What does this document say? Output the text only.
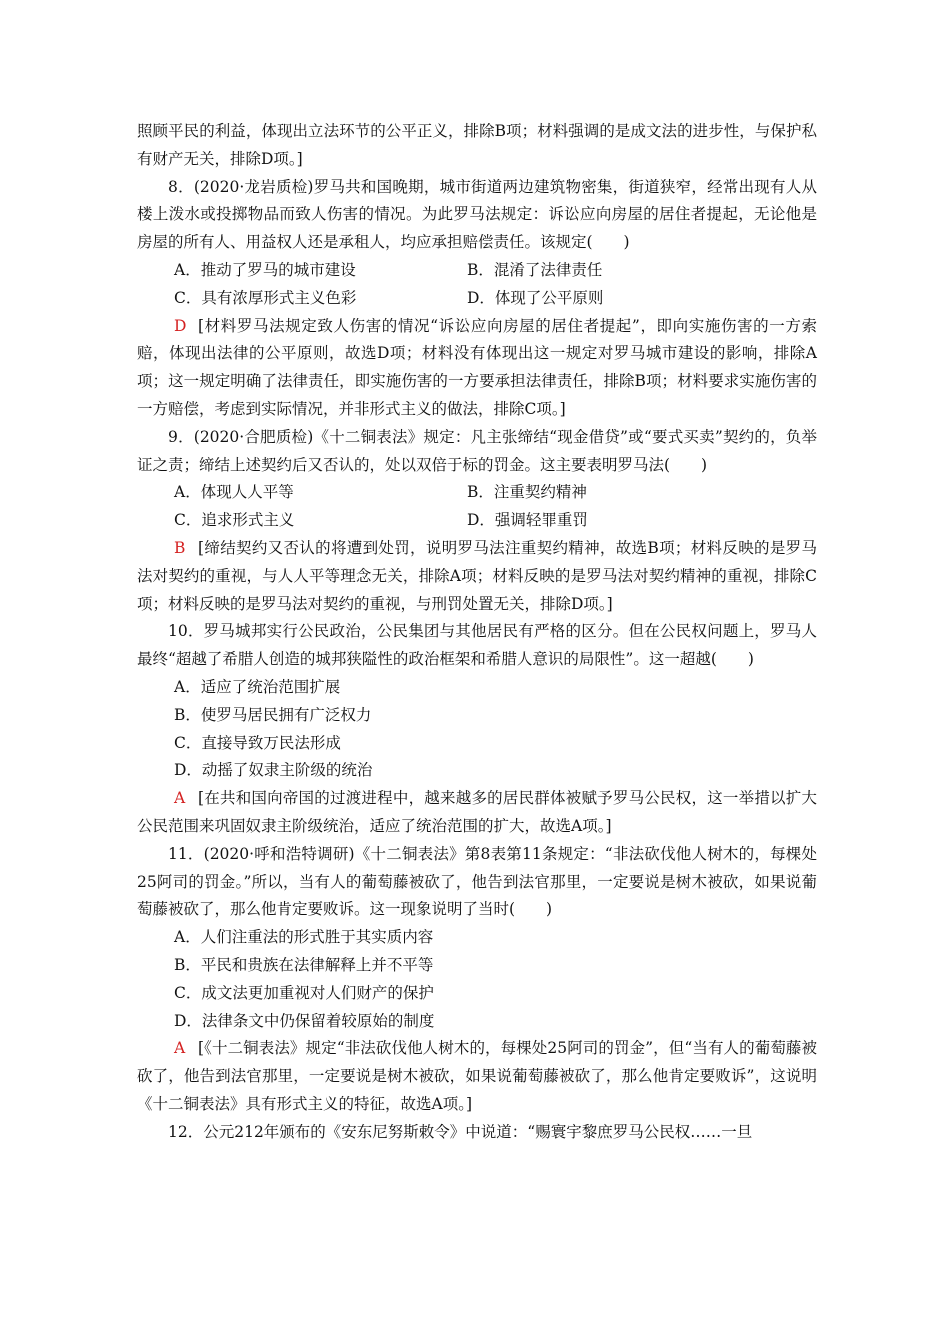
照顾平民的利益，体现出立法环节的公平正义，排除B项；材料强调的是成文法的进步性，与保护私有财产无关，排除D项。]
8．(2020·龙岩质检)罗马共和国晚期，城市街道两边建筑物密集，街道狭窄，经常出现有人从楼上泼水或投掷物品而致人伤害的情况。为此罗马法规定：诉讼应向房屋的居住者提起，无论他是房屋的所有人、用益权人还是承租人，均应承担赔偿责任。该规定(　　)
A．推动了罗马的城市建设	B．混淆了法律责任
C．具有浓厚形式主义色彩	D．体现了公平原则
D [材料罗马法规定致人伤害的情况“诉讼应向房屋的居住者提起”，即向实施伤害的一方索赔，体现出法律的公平原则，故选D项；材料没有体现出这一规定对罗马城市建设的影响，排除A项；这一规定明确了法律责任，即实施伤害的一方要承担法律责任，排除B项；材料要求实施伤害的一方赔偿，考虑到实际情况，并非形式主义的做法，排除C项。]
9．(2020·合肥质检)《十二铜表法》规定：凡主张缔结“现金借贷”或“要式买卖”契约的，负举证之责；缔结上述契约后又否认的，处以双倍于标的罚金。这主要表明罗马法(　　)
A．体现人人平等	B．注重契约精神
C．追求形式主义	D．强调轻罪重罚
B [缔结契约又否认的将遭到处罚，说明罗马法注重契约精神，故选B项；材料反映的是罗马法对契约的重视，与人人平等理念无关，排除A项；材料反映的是罗马法对契约精神的重视，排除C项；材料反映的是罗马法对契约的重视，与刑罚处置无关，排除D项。]
10．罗马城邦实行公民政治，公民集团与其他居民有严格的区分。但在公民权问题上，罗马人最终“超越了希腊人创造的城邦狭隘性的政治框架和希腊人意识的局限性”。这一超越(　　)
A．适应了统治范围扩展
B．使罗马居民拥有广泛权力
C．直接导致万民法形成
D．动摇了奴隶主阶级的统治
A [在共和国向帝国的过渡进程中，越来越多的居民群体被赋予罗马公民权，这一举措以扩大公民范围来巩固奴隶主阶级统治，适应了统治范围的扩大，故选A项。]
11．(2020·呼和浩特调研)《十二铜表法》第8表第11条规定：“非法砍伐他人树木的，每棵处25阿司的罚金。”所以，当有人的葡萄藤被砍了，他告到法官那里，一定要说是树木被砍，如果说葡萄藤被砍了，那么他肯定要败诉。这一现象说明了当时(　　)
A．人们注重法的形式胜于其实质内容
B．平民和贵族在法律解释上并不平等
C．成文法更加重视对人们财产的保护
D．法律条文中仍保留着较原始的制度
A [《十二铜表法》规定“非法砍伐他人树木的，每棵处25阿司的罚金”，但“当有人的葡萄藤被砍了，他告到法官那里，一定要说是树木被砍，如果说葡萄藤被砍了，那么他肯定要败诉”，这说明《十二铜表法》具有形式主义的特征，故选A项。]
12．公元212年颁布的《安东尼努斯敕令》中说道：“赐寰宇黎庶罗马公民权……一旦
